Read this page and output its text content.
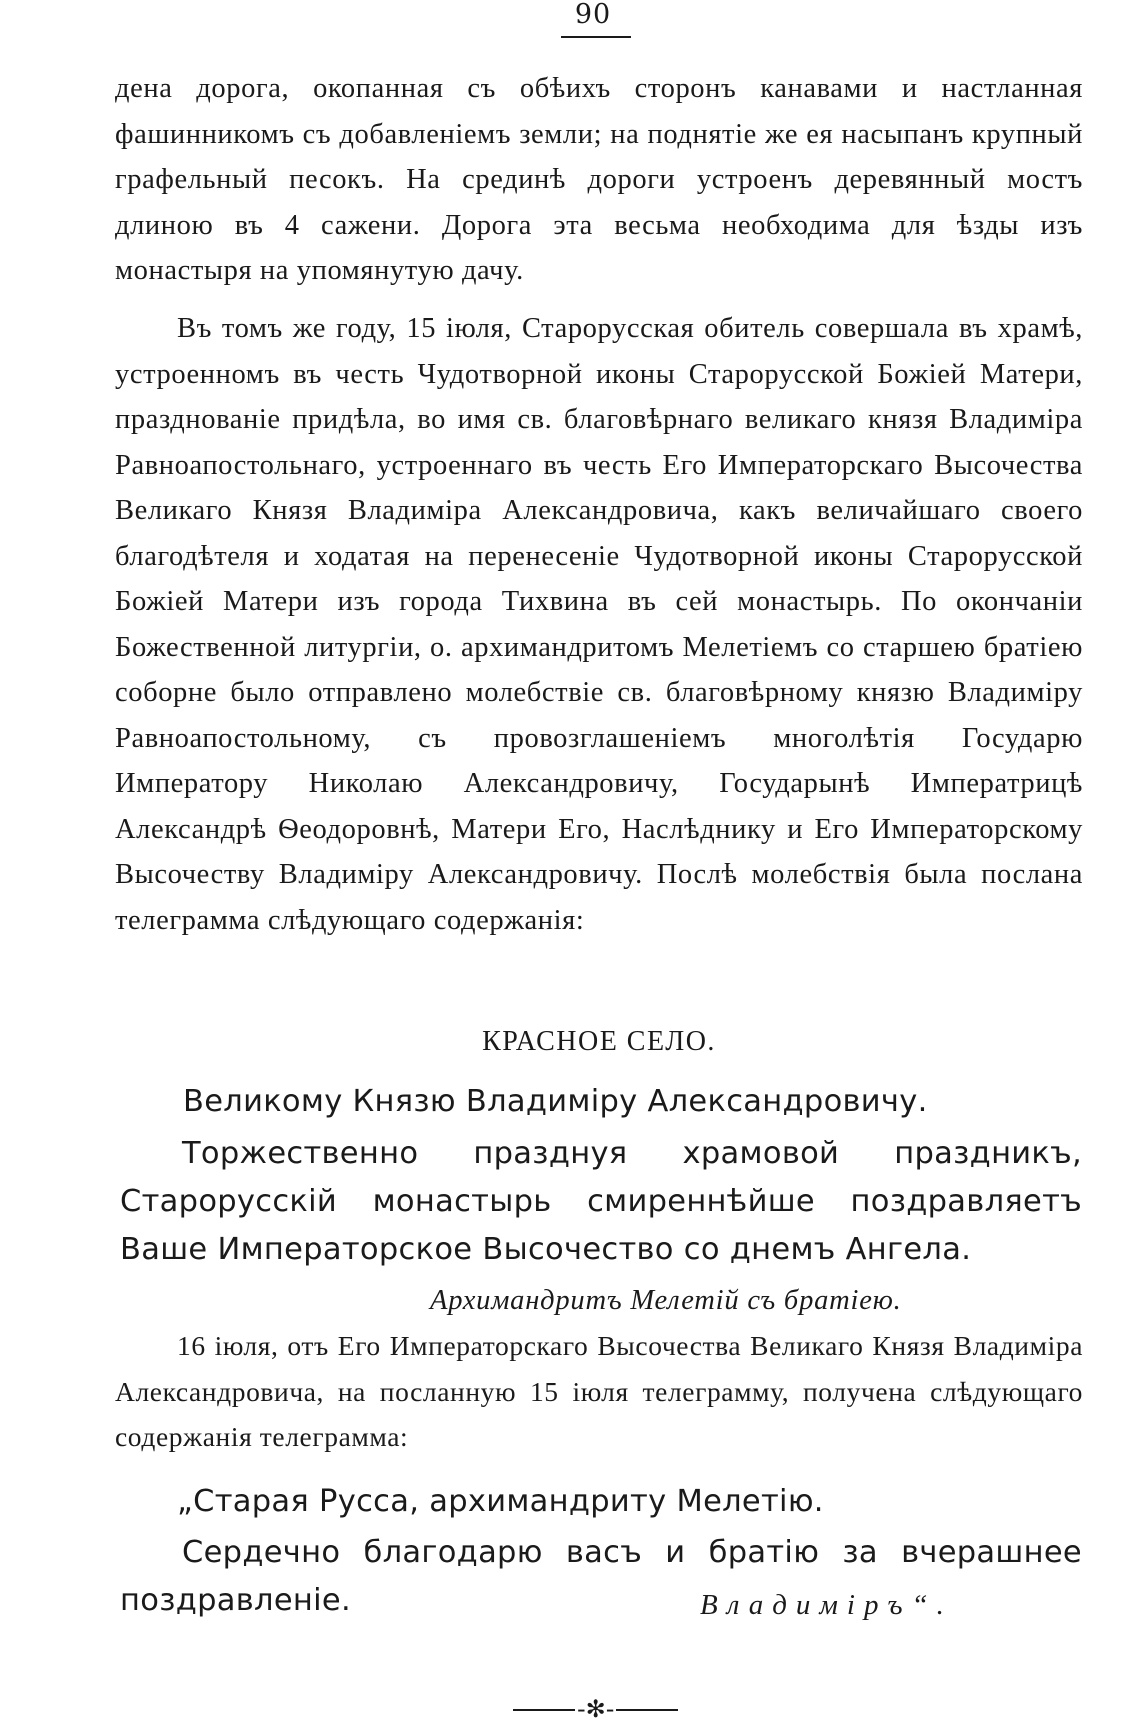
90
дена дорога, окопанная съ обѣихъ сторонъ канавами и настланная фашинникомъ съ добавленіемъ земли; на поднятіе же ея насыпанъ крупный графельный песокъ. На срединѣ дороги устроенъ деревянный мостъ длиною въ 4 сажени. Дорога эта весьма необходима для ѣзды изъ монастыря на упомянутую дачу.
Въ томъ же году, 15 іюля, Старорусская обитель совершала въ храмѣ, устроенномъ въ честь Чудотворной иконы Старорусской Божіей Матери, празднованіе придѣла, во имя св. благовѣрнаго великаго князя Владиміра Равноапостольнаго, устроеннаго въ честь Его Императорскаго Высочества Великаго Князя Владиміра Александровича, какъ величайшаго своего благодѣтеля и ходатая на перенесеніе Чудотворной иконы Старорусской Божіей Матери изъ города Тихвина въ сей монастырь. По окончаніи Божественной литургіи, о. архимандритомъ Мелетіемъ со старшею братіею соборне было отправлено молебствіе св. благовѣрному князю Владиміру Равноапостольному, съ провозглашеніемъ многолѣтія Государю Императору Николаю Александровичу, Государынѣ Императрицѣ Александрѣ Ѳеодоровнѣ, Матери Его, Наслѣднику и Его Императорскому Высочеству Владиміру Александровичу. Послѣ молебствія была послана телеграмма слѣдующаго содержанія:
КРАСНОЕ СЕЛО.
Великому Князю Владиміру Александровичу.
Торжественно празднуя храмовой праздникъ, Старорусскій монастырь смиреннѣйше поздравляетъ Ваше Императорское Высочество со днемъ Ангела.
Архимандритъ Мелетій съ братіею.
16 іюля, отъ Его Императорскаго Высочества Великаго Князя Владиміра Александровича, на посланную 15 іюля телеграмму, получена слѣдующаго содержанія телеграмма:
„Старая Русса, архимандриту Мелетію.
Сердечно благодарю васъ и братію за вчерашнее поздравленіе.	Владиміръ“.
-✻-
